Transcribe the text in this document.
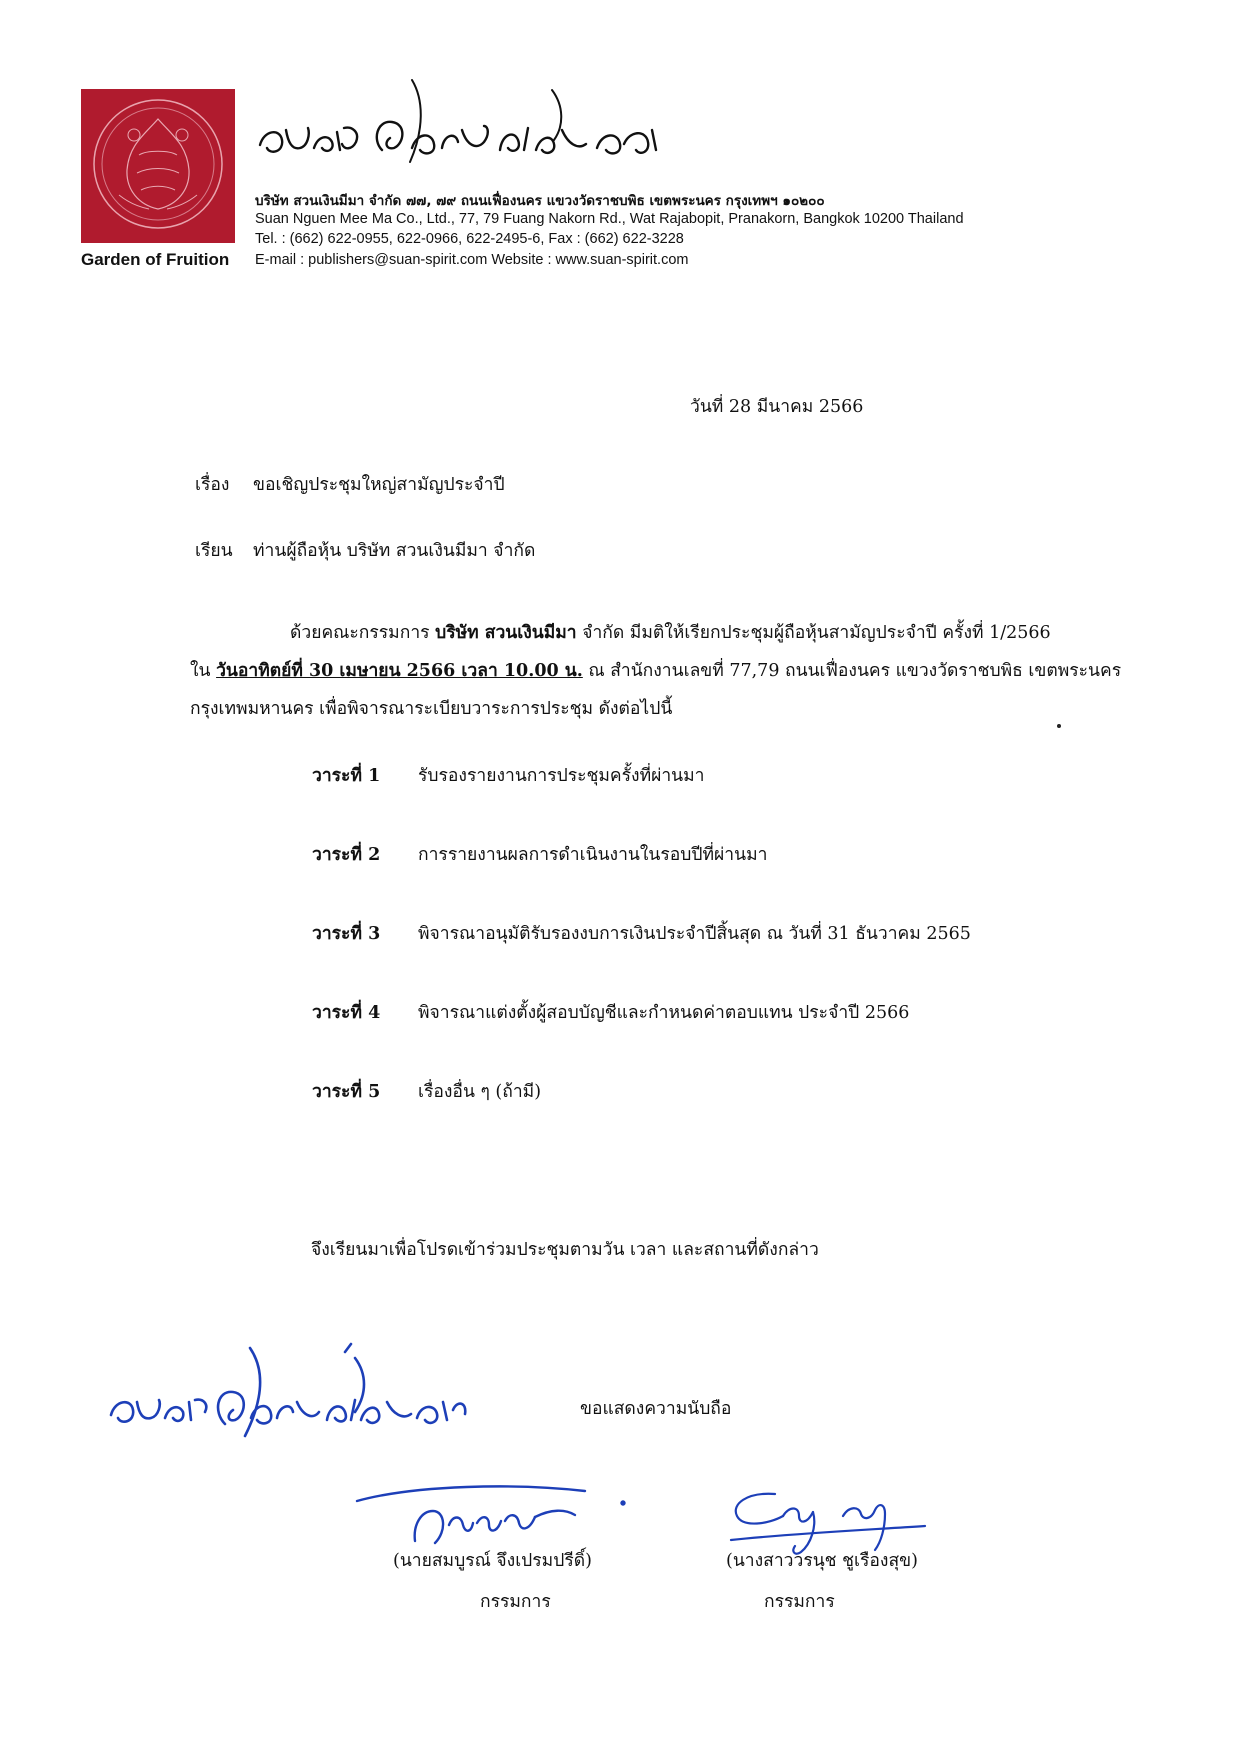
Garden of Fruition
บริษัท สวนเงินมีมา จำกัด ๗๗, ๗๙ ถนนเฟื่องนคร แขวงวัดราชบพิธ เขตพระนคร กรุงเทพฯ ๑๐๒๐๐
Suan Nguen Mee Ma Co., Ltd., 77, 79 Fuang Nakorn Rd., Wat Rajabopit, Pranakorn, Bangkok 10200 Thailand
Tel. : (662) 622-0955, 622-0966, 622-2495-6, Fax : (662) 622-3228
E-mail : publishers@suan-spirit.com Website : www.suan-spirit.com
วันที่ 28 มีนาคม 2566
เรื่อง ขอเชิญประชุมใหญ่สามัญประจำปี
เรียน ท่านผู้ถือหุ้น บริษัท สวนเงินมีมา จำกัด
ด้วยคณะกรรมการ บริษัท สวนเงินมีมา จำกัด มีมติให้เรียกประชุมผู้ถือหุ้นสามัญประจำปี ครั้งที่ 1/2566
ใน วันอาทิตย์ที่ 30 เมษายน 2566 เวลา 10.00 น. ณ สำนักงานเลขที่ 77,79 ถนนเฟื่องนคร แขวงวัดราชบพิธ เขตพระนคร
กรุงเทพมหานคร เพื่อพิจารณาระเบียบวาระการประชุม ดังต่อไปนี้
วาระที่ 1 รับรองรายงานการประชุมครั้งที่ผ่านมา
วาระที่ 2 การรายงานผลการดำเนินงานในรอบปีที่ผ่านมา
วาระที่ 3 พิจารณาอนุมัติรับรองงบการเงินประจำปีสิ้นสุด ณ วันที่ 31 ธันวาคม 2565
วาระที่ 4 พิจารณาแต่งตั้งผู้สอบบัญชีและกำหนดค่าตอบแทน ประจำปี 2566
วาระที่ 5 เรื่องอื่น ๆ (ถ้ามี)
จึงเรียนมาเพื่อโปรดเข้าร่วมประชุมตามวัน เวลา และสถานที่ดังกล่าว
ขอแสดงความนับถือ
(นายสมบูรณ์ จึงเปรมปรีดิ์)
กรรมการ
(นางสาววรนุช ชูเรืองสุข)
กรรมการ
